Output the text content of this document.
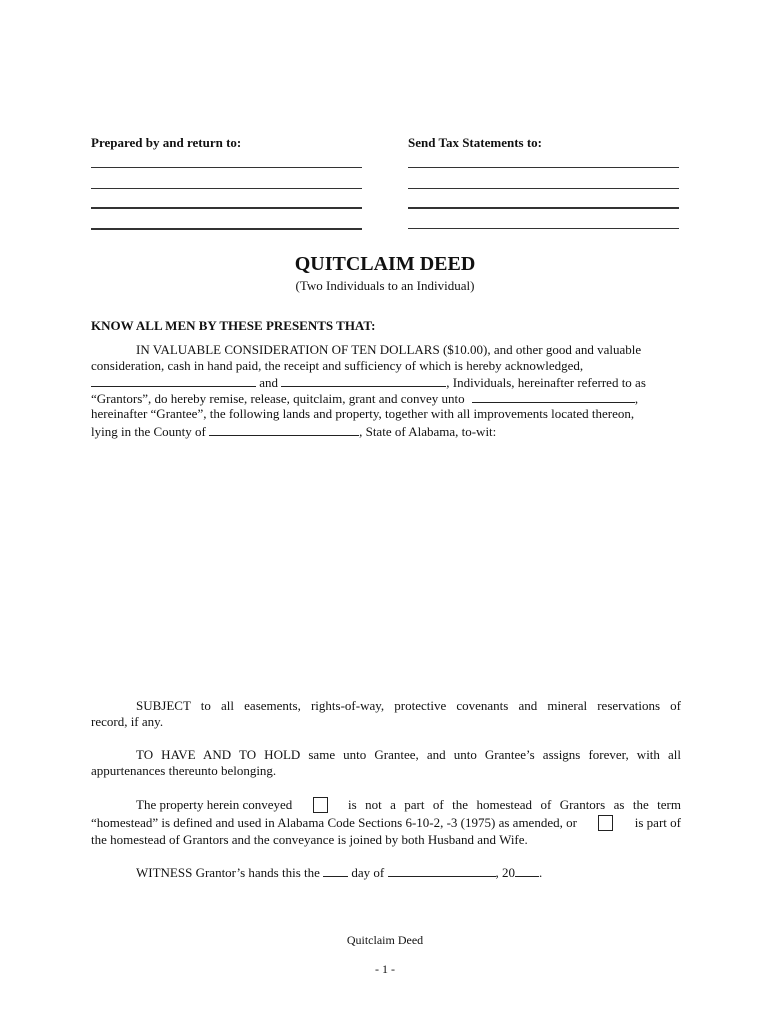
Prepared by and return to:	Send Tax Statements to:
QUITCLAIM DEED
(Two Individuals to an Individual)
KNOW ALL MEN BY THESE PRESENTS THAT:
IN VALUABLE CONSIDERATION OF TEN DOLLARS ($10.00), and other good and valuable
consideration, cash in hand paid, the receipt and sufficiency of which is hereby acknowledged,
and	, Individuals, hereinafter referred to as
“Grantors”, do hereby remise, release, quitclaim, grant and convey unto	,
hereinafter “Grantee”, the following lands and property, together with all improvements located thereon,
lying in the County of	, State of Alabama, to-wit:
SUBJECT to all easements, rights-of-way, protective covenants and mineral reservations of
record, if any.
TO HAVE AND TO HOLD same unto Grantee, and unto Grantee’s assigns forever, with all
appurtenances thereunto belonging.
The property herein conveyed	is not a part of the homestead of Grantors as the term
“homestead” is defined and used in Alabama Code Sections 6-10-2, -3 (1975) as amended, or	is part of
the homestead of Grantors and the conveyance is joined by both Husband and Wife.
WITNESS Grantor’s hands this the day of	, 20 .
Quitclaim Deed
- 1 -
